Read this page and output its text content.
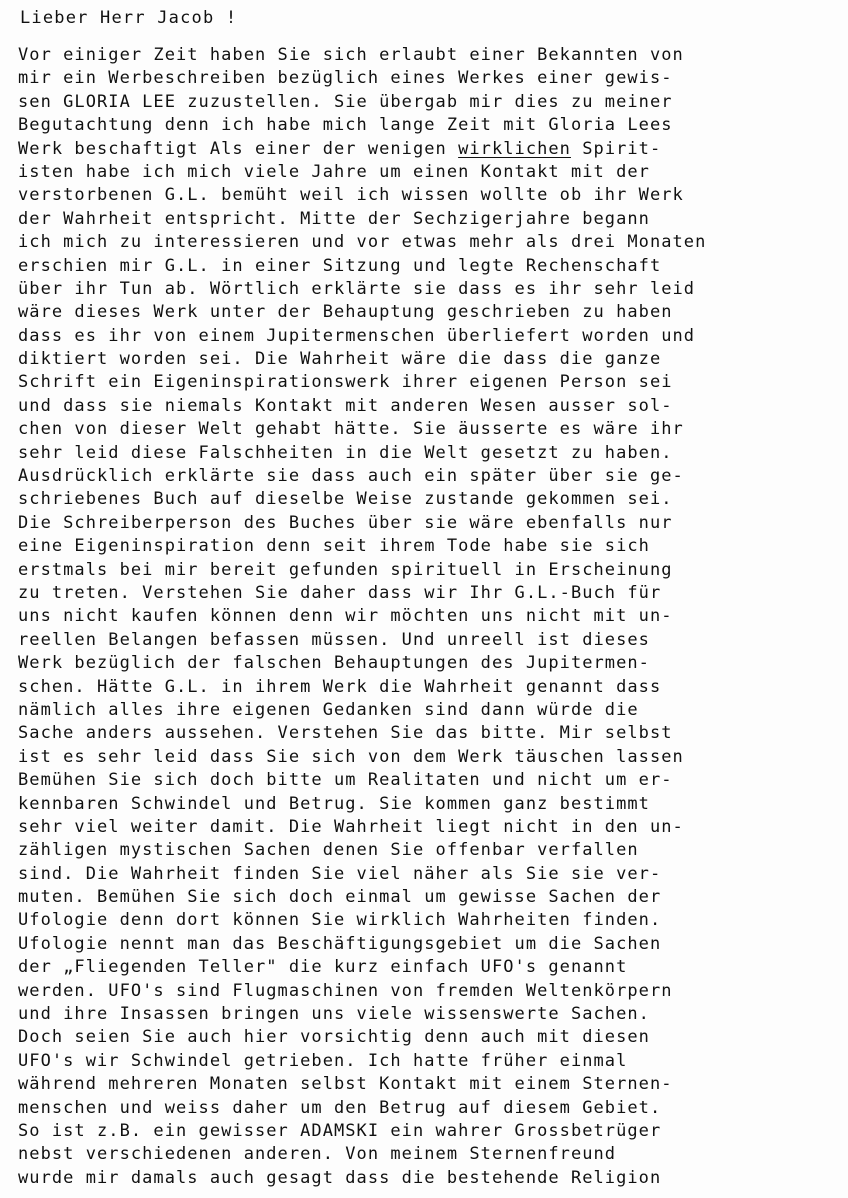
Lieber Herr Jacob !
Vor einiger Zeit haben Sie sich erlaubt einer Bekannten von
mir ein Werbeschreiben bezüglich eines Werkes einer gewis-
sen GLORIA LEE zuzustellen. Sie übergab mir dies zu meiner
Begutachtung denn ich habe mich lange Zeit mit Gloria Lees
Werk beschaftigt Als einer der wenigen wirklichen Spirit-
isten habe ich mich viele Jahre um einen Kontakt mit der
verstorbenen G.L. bemüht weil ich wissen wollte ob ihr Werk
der Wahrheit entspricht. Mitte der Sechzigerjahre begann
ich mich zu interessieren und vor etwas mehr als drei Monaten
erschien mir G.L. in einer Sitzung und legte Rechenschaft
über ihr Tun ab. Wörtlich erklärte sie dass es ihr sehr leid
wäre dieses Werk unter der Behauptung geschrieben zu haben
dass es ihr von einem Jupitermenschen überliefert worden und
diktiert worden sei. Die Wahrheit wäre die dass die ganze
Schrift ein Eigeninspirationswerk ihrer eigenen Person sei
und dass sie niemals Kontakt mit anderen Wesen ausser sol-
chen von dieser Welt gehabt hätte. Sie äusserte es wäre ihr
sehr leid diese Falschheiten in die Welt gesetzt zu haben.
Ausdrücklich erklärte sie dass auch ein später über sie ge-
schriebenes Buch auf dieselbe Weise zustande gekommen sei.
Die Schreiberperson des Buches über sie wäre ebenfalls nur
eine Eigeninspiration denn seit ihrem Tode habe sie sich
erstmals bei mir bereit gefunden spirituell in Erscheinung
zu treten. Verstehen Sie daher dass wir Ihr G.L.-Buch für
uns nicht kaufen können denn wir möchten uns nicht mit un-
reellen Belangen befassen müssen. Und unreell ist dieses
Werk bezüglich der falschen Behauptungen des Jupitermen-
schen. Hätte G.L. in ihrem Werk die Wahrheit genannt dass
nämlich alles ihre eigenen Gedanken sind dann würde die
Sache anders aussehen. Verstehen Sie das bitte. Mir selbst
ist es sehr leid dass Sie sich von dem Werk täuschen lassen
Bemühen Sie sich doch bitte um Realitaten und nicht um er-
kennbaren Schwindel und Betrug. Sie kommen ganz bestimmt
sehr viel weiter damit. Die Wahrheit liegt nicht in den un-
zähligen mystischen Sachen denen Sie offenbar verfallen
sind. Die Wahrheit finden Sie viel näher als Sie sie ver-
muten. Bemühen Sie sich doch einmal um gewisse Sachen der
Ufologie denn dort können Sie wirklich Wahrheiten finden.
Ufologie nennt man das Beschäftigungsgebiet um die Sachen
der „Fliegenden Teller" die kurz einfach UFO's genannt
werden. UFO's sind Flugmaschinen von fremden Weltenkörpern
und ihre Insassen bringen uns viele wissenswerte Sachen.
Doch seien Sie auch hier vorsichtig denn auch mit diesen
UFO's wir Schwindel getrieben. Ich hatte früher einmal
während mehreren Monaten selbst Kontakt mit einem Sternen-
menschen und weiss daher um den Betrug auf diesem Gebiet.
So ist z.B. ein gewisser ADAMSKI ein wahrer Grossbetrüger
nebst verschiedenen anderen. Von meinem Sternenfreund
wurde mir damals auch gesagt dass die bestehende Religion
